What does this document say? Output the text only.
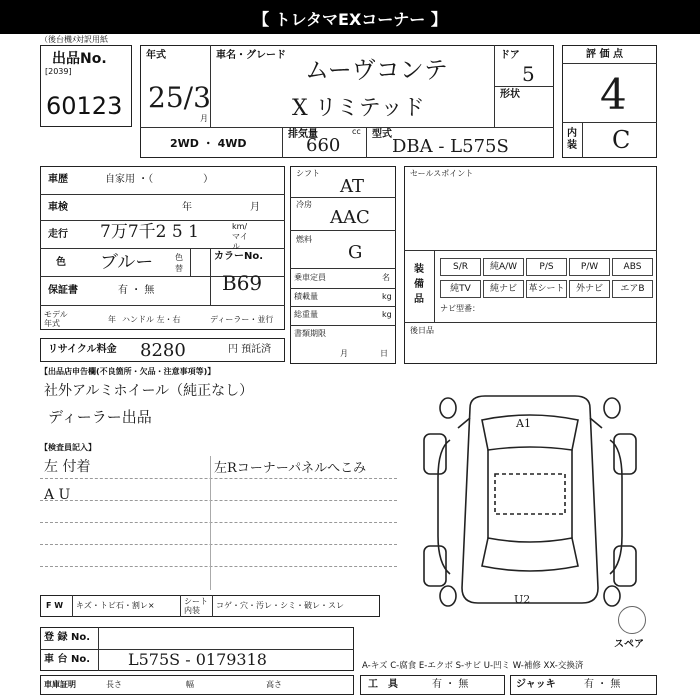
【 トレタマEXコーナー 】
（後台機ﾒ対訳用紙
出品No.
[2039]
60123
年式
25/3
月
車名・グレード
ムーヴコンテ
X リミテッド
ドア
5
形状
2WD ・ 4WD
排気量	cc
660
型式
DBA - L575S
評 価 点
4
内装 C
車歴	自家用 ・（　　　　　）
車検	年	月
走行 7万7千2 5 1	km/マイル
色 ブルー	色替
カラーNo.
B69
保証書	有 ・ 無
モデル年式	年 ハンドル 左・右	ディーラー・並行
リサイクル料金 8280	円 預託済
シフト
AT
冷房
AAC
燃料
G
乗車定員	名
積載量	kg
総重量	kg
書類期限
月	日
セールスポイント
装備品
S/R	純A/W	P/S	P/W	ABS
純TV	純ナビ	革シート	外ナビ	エアB
ナビ型番：
後日品
【出品店申告欄(不良箇所・欠品・注意事項等)】
社外アルミホイール（純正なし）
ディーラー出品
【検査員記入】
左 付着
A U
左Rコーナーパネルへこみ
A1
U2
スペア
F W キズ・トビ石・割レ×	シート内装
コゲ・穴・汚レ・シミ・破レ・スレ
登 録 No.
車 台 No. L575S - 0179318
車庫証明	長さ	幅	高さ
A-キズ C-腐食 E-エクボ S-サビ U-凹ミ W-補修 XX-交換済
工　具	有 ・ 無	ジャッキ	有 ・ 無
